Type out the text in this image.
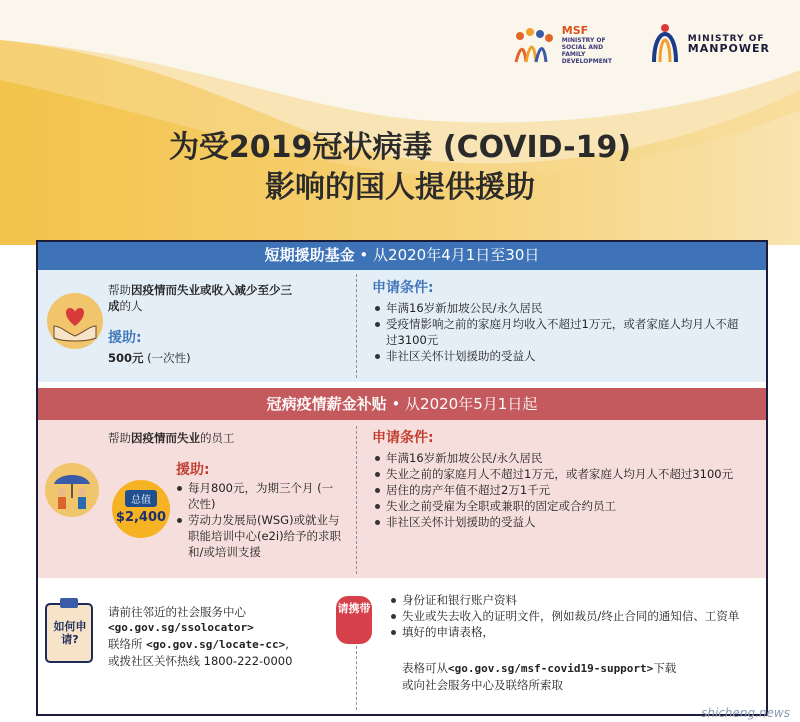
MSF
MINISTRY OF SOCIAL AND FAMILY DEVELOPMENT
MINISTRY OF
MANPOWER
为受2019冠状病毒 (COVID-19)
影响的国人提供援助
短期援助基金 • 从2020年4月1日至30日
帮助因疫情而失业或收入减少至少三成的人
援助:
500元 (一次性)
申请条件:
年满16岁新加坡公民/永久居民
受疫情影响之前的家庭月均收入不超过1万元，或者家庭人均月人不超过3100元
非社区关怀计划援助的受益人
冠病疫情薪金补贴 • 从2020年5月1日起
总值
$2,400
帮助因疫情而失业的员工
援助:
每月800元，为期三个月 (一次性)
劳动力发展局(WSG)或就业与职能培训中心(e2i)给予的求职和/或培训支援
申请条件:
年满16岁新加坡公民/永久居民
失业之前的家庭月人不超过1万元，或者家庭人均月人不超过3100元
居住的房产年值不超过2万1千元
失业之前受雇为全职或兼职的固定或合约员工
非社区关怀计划援助的受益人
如何申请?
请前往邻近的社会服务中心
<go.gov.sg/ssolocator>
联络所 <go.gov.sg/locate-cc>,
或拨社区关怀热线 1800-222-0000
身份证和银行账户资料
失业或失去收入的证明文件，例如裁员/终止合同的通知信、工资单
填好的申请表格，
表格可从<go.gov.sg/msf-covid19-support>下载
或向社会服务中心及联络所索取
请携带
shicheng.news
